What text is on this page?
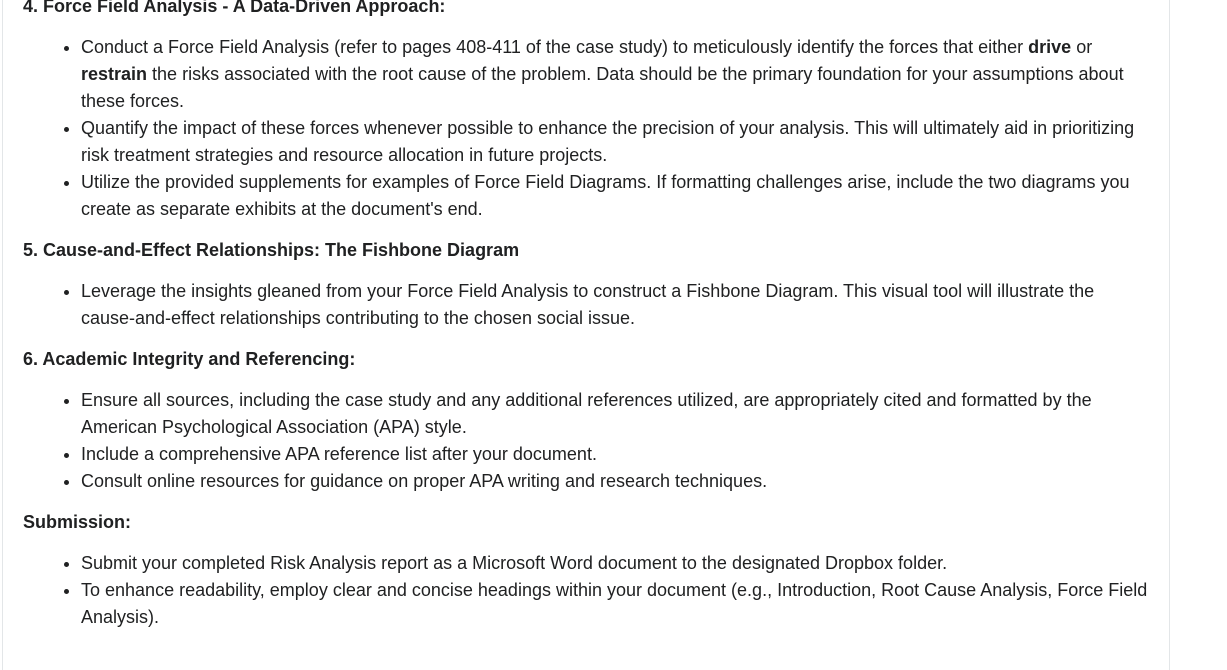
4. Force Field Analysis - A Data-Driven Approach:

• Conduct a Force Field Analysis (refer to pages 408-411 of the case study) to meticulously identify the forces that either drive or restrain the risks associated with the root cause of the problem. Data should be the primary foundation for your assumptions about these forces.
• Quantify the impact of these forces whenever possible to enhance the precision of your analysis. This will ultimately aid in prioritizing risk treatment strategies and resource allocation in future projects.
• Utilize the provided supplements for examples of Force Field Diagrams. If formatting challenges arise, include the two diagrams you create as separate exhibits at the document's end.

5. Cause-and-Effect Relationships: The Fishbone Diagram

• Leverage the insights gleaned from your Force Field Analysis to construct a Fishbone Diagram. This visual tool will illustrate the cause-and-effect relationships contributing to the chosen social issue.

6. Academic Integrity and Referencing:

• Ensure all sources, including the case study and any additional references utilized, are appropriately cited and formatted by the American Psychological Association (APA) style.
• Include a comprehensive APA reference list after your document.
• Consult online resources for guidance on proper APA writing and research techniques.

Submission:

• Submit your completed Risk Analysis report as a Microsoft Word document to the designated Dropbox folder.
• To enhance readability, employ clear and concise headings within your document (e.g., Introduction, Root Cause Analysis, Force Field Analysis).
